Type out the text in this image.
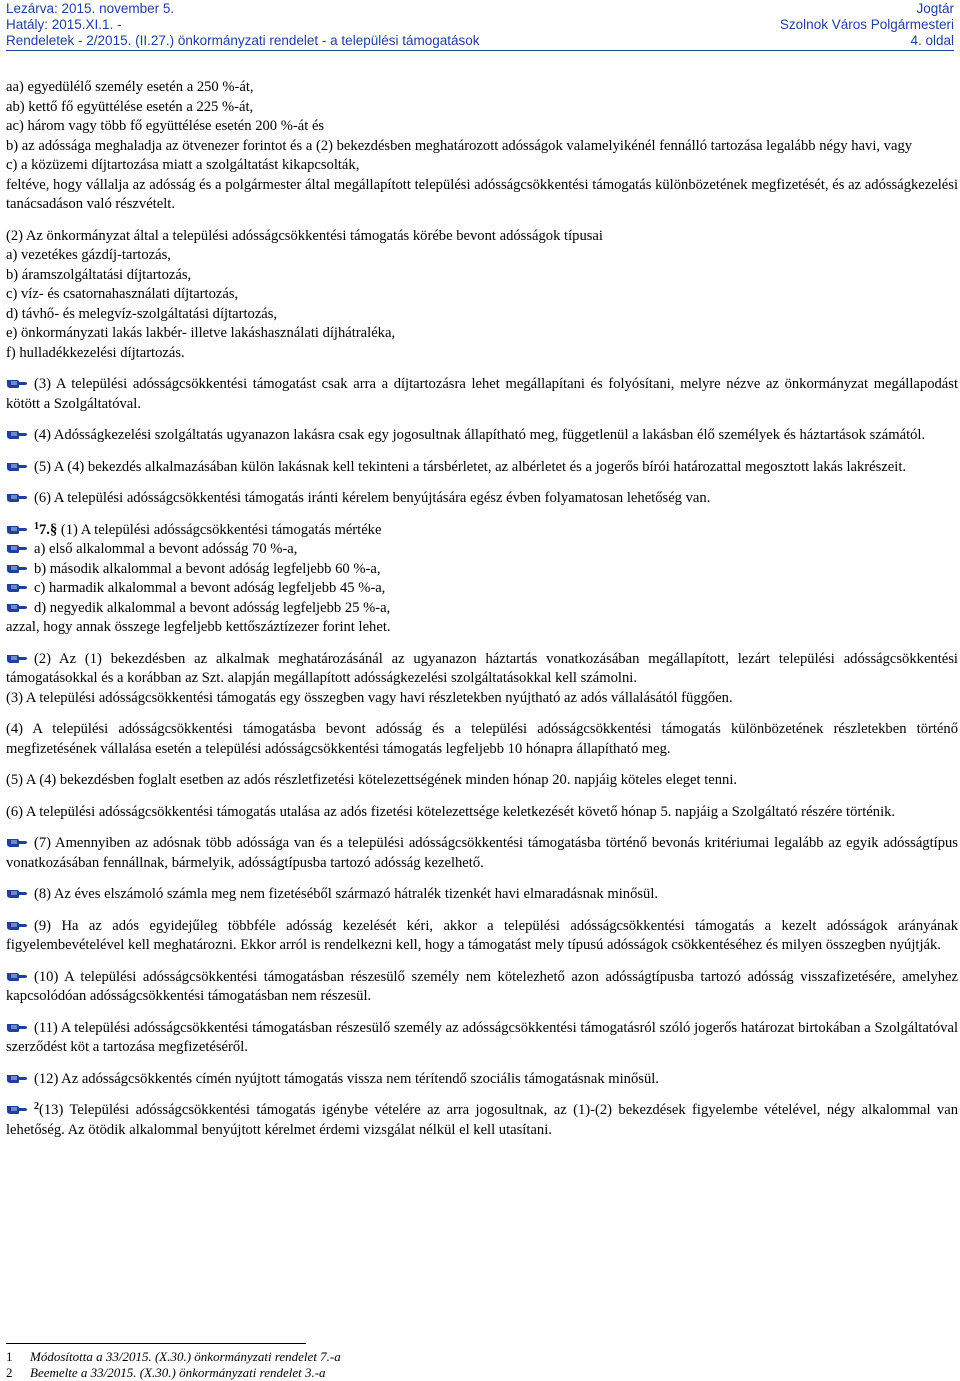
Lezárva: 2015. november 5.
Hatály: 2015.XI.1. -
Rendeletek - 2/2015. (II.27.) önkormányzati rendelet - a települési támogatások
Jogtár
Szolnok Város Polgármesteri
4. oldal

aa) egyedülélő személy esetén a 250 %-át,

ab) kettő fő együttélése esetén a 225 %-át,

ac) három vagy több fő együttélése esetén 200 %-át és

b) az adóssága meghaladja az ötvenezer forintot és a (2) bekezdésben meghatározott adósságok valamelyikénél fennálló tartozása legalább négy havi, vagy

c) a közüzemi díjtartozása miatt a szolgáltatást kikapcsolták,

feltéve, hogy vállalja az adósság és a polgármester által megállapított települési adósságcsökkentési támogatás különbözetének megfizetését, és az adósságkezelési tanácsadáson való részvételt.

(2) Az önkormányzat által a települési adósságcsökkentési támogatás körébe bevont adósságok típusai

a) vezetékes gázdíj-tartozás,

b) áramszolgáltatási díjtartozás,

c) víz- és csatornahasználati díjtartozás,

d) távhő- és melegvíz-szolgáltatási díjtartozás,

e) önkormányzati lakás lakbér- illetve lakáshasználati díjhátraléka,

f) hulladékkezelési díjtartozás.

(3) A települési adósságcsökkentési támogatást csak arra a díjtartozásra lehet megállapítani és folyósítani, melyre nézve az önkormányzat megállapodást kötött a Szolgáltatóval.

(4) Adósságkezelési szolgáltatás ugyanazon lakásra csak egy jogosultnak állapítható meg, függetlenül a lakásban élő személyek és háztartások számától.

(5) A (4) bekezdés alkalmazásában külön lakásnak kell tekinteni a társbérletet, az albérletet és a jogerős bírói határozattal megosztott lakás lakrészeit.

(6) A települési adósságcsökkentési támogatás iránti kérelem benyújtására egész évben folyamatosan lehetőség van.

$^1$7.§ (1) A települési adósságcsökkentési támogatás mértéke

a) első alkalommal a bevont adósság 70 %-a,

b) második alkalommal a bevont adóság legfeljebb 60 %-a,

c) harmadik alkalommal a bevont adóság legfeljebb 45 %-a,

d) negyedik alkalommal a bevont adósság legfeljebb 25 %-a,

azzal, hogy annak összege legfeljebb kettőszáztízezer forint lehet.

(2) Az (1) bekezdésben az alkalmak meghatározásánál az ugyanazon háztartás vonatkozásában megállapított, lezárt települési adósságcsökkentési támogatásokkal és a korábban az Szt. alapján megállapított adósságkezelési szolgáltatásokkal kell számolni.

(3) A települési adósságcsökkentési támogatás egy összegben vagy havi részletekben nyújtható az adós vállalásától függően.

(4) A települési adósságcsökkentési támogatásba bevont adósság és a települési adósságcsökkentési támogatás különbözetének részletekben történő megfizetésének vállalása esetén a települési adósságcsökkentési támogatás legfeljebb 10 hónapra állapítható meg.

(5) A (4) bekezdésben foglalt esetben az adós részletfizetési kötelezettségének minden hónap 20. napjáig köteles eleget tenni.

(6) A települési adósságcsökkentési támogatás utalása az adós fizetési kötelezettsége keletkezését követő hónap 5. napjáig a Szolgáltató részére történik.

(7) Amennyiben az adósnak több adóssága van és a települési adósságcsökkentési támogatásba történő bevonás kritériumai legalább az egyik adósságtípus vonatkozásában fennállnak, bármelyik, adósságtípusba tartozó adósság kezelhető.

(8) Az éves elszámoló számla meg nem fizetéséből származó hátralék tizenkét havi elmaradásnak minősül.

(9) Ha az adós egyidejűleg többféle adósság kezelését kéri, akkor a települési adósságcsökkentési támogatás a kezelt adósságok arányának figyelembevételével kell meghatározni. Ekkor arról is rendelkezni kell, hogy a támogatást mely típusú adósságok csökkentéséhez és milyen összegben nyújtják.

(10) A települési adósságcsökkentési támogatásban részesülő személy nem kötelezhető azon adósságtípusba tartozó adósság visszafizetésére, amelyhez kapcsolódóan adósságcsökkentési támogatásban nem részesül.

(11) A települési adósságcsökkentési támogatásban részesülő személy az adósságcsökkentési támogatásról szóló jogerős határozat birtokában a Szolgáltatóval szerződést köt a tartozása megfizetéséről.

(12) Az adósságcsökkentés címén nyújtott támogatás vissza nem térítendő szociális támogatásnak minősül.

$^2$(13) Települési adósságcsökkentési támogatás igénybe vételére az arra jogosultnak, az (1)-(2) bekezdések figyelembe vételével, négy alkalommal van lehetőség. Az ötödik alkalommal benyújtott kérelmet érdemi vizsgálat nélkül el kell utasítani.

1 Módosította a 33/2015. (X.30.) önkormányzati rendelet 7.-a
2 Beemelte a 33/2015. (X.30.) önkormányzati rendelet 3.-a
